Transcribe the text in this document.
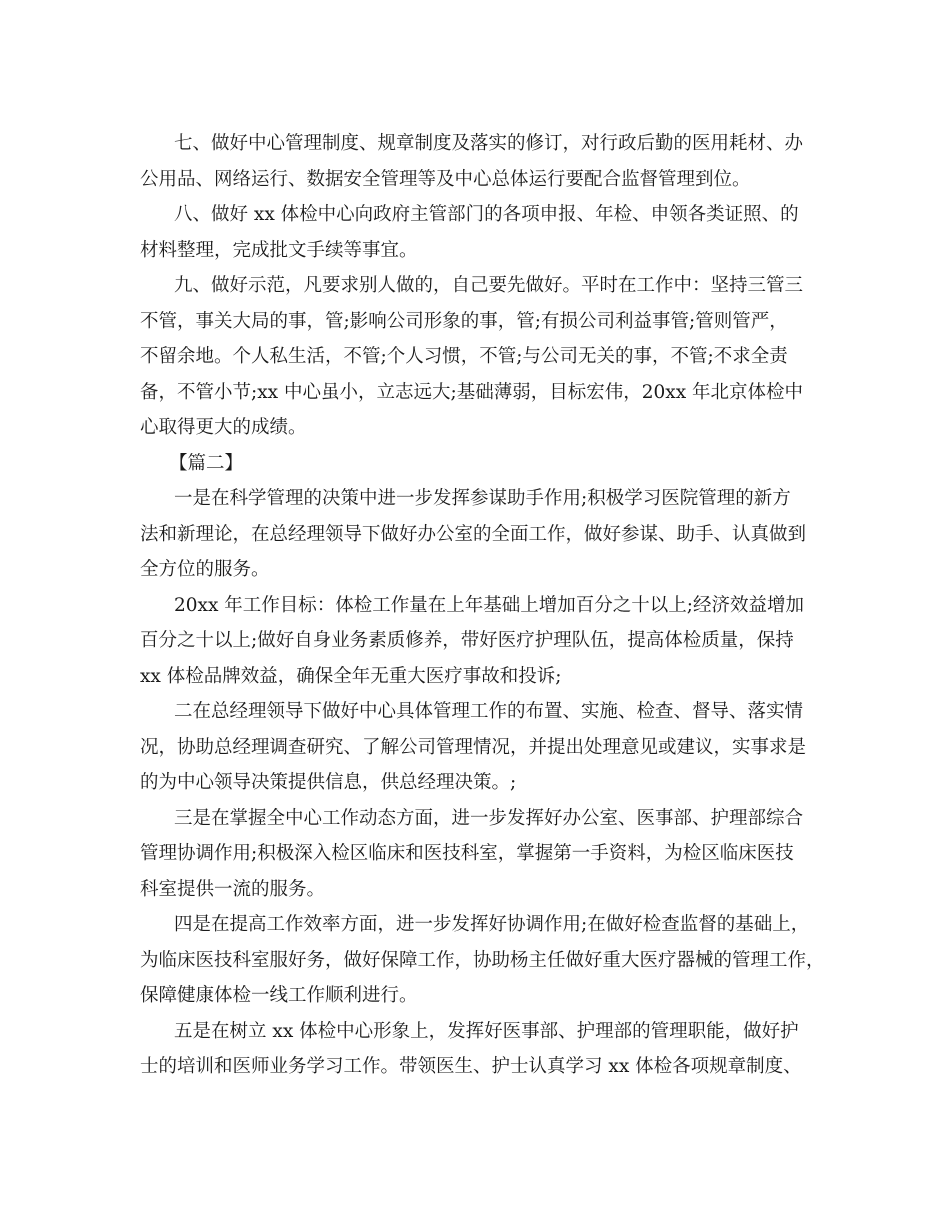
七、做好中心管理制度、规章制度及落实的修订，对行政后勤的医用耗材、办
公用品、网络运行、数据安全管理等及中心总体运行要配合监督管理到位。
八、做好 xx 体检中心向政府主管部门的各项申报、年检、申领各类证照、的
材料整理，完成批文手续等事宜。
九、做好示范，凡要求别人做的，自己要先做好。平时在工作中：坚持三管三
不管，事关大局的事，管;影响公司形象的事，管;有损公司利益事管;管则管严，
不留余地。个人私生活，不管;个人习惯，不管;与公司无关的事，不管;不求全责
备，不管小节;xx 中心虽小，立志远大;基础薄弱，目标宏伟，20xx 年北京体检中
心取得更大的成绩。
【篇二】
一是在科学管理的决策中进一步发挥参谋助手作用;积极学习医院管理的新方
法和新理论，在总经理领导下做好办公室的全面工作，做好参谋、助手、认真做到
全方位的服务。
20xx 年工作目标：体检工作量在上年基础上增加百分之十以上;经济效益增加
百分之十以上;做好自身业务素质修养，带好医疗护理队伍，提高体检质量，保持
xx 体检品牌效益，确保全年无重大医疗事故和投诉;
二在总经理领导下做好中心具体管理工作的布置、实施、检查、督导、落实情
况，协助总经理调查研究、了解公司管理情况，并提出处理意见或建议，实事求是
的为中心领导决策提供信息，供总经理决策。;
三是在掌握全中心工作动态方面，进一步发挥好办公室、医事部、护理部综合
管理协调作用;积极深入检区临床和医技科室，掌握第一手资料，为检区临床医技
科室提供一流的服务。
四是在提高工作效率方面，进一步发挥好协调作用;在做好检查监督的基础上，
为临床医技科室服好务，做好保障工作，协助杨主任做好重大医疗器械的管理工作，
保障健康体检一线工作顺利进行。
五是在树立 xx 体检中心形象上，发挥好医事部、护理部的管理职能，做好护
士的培训和医师业务学习工作。带领医生、护士认真学习 xx 体检各项规章制度、
